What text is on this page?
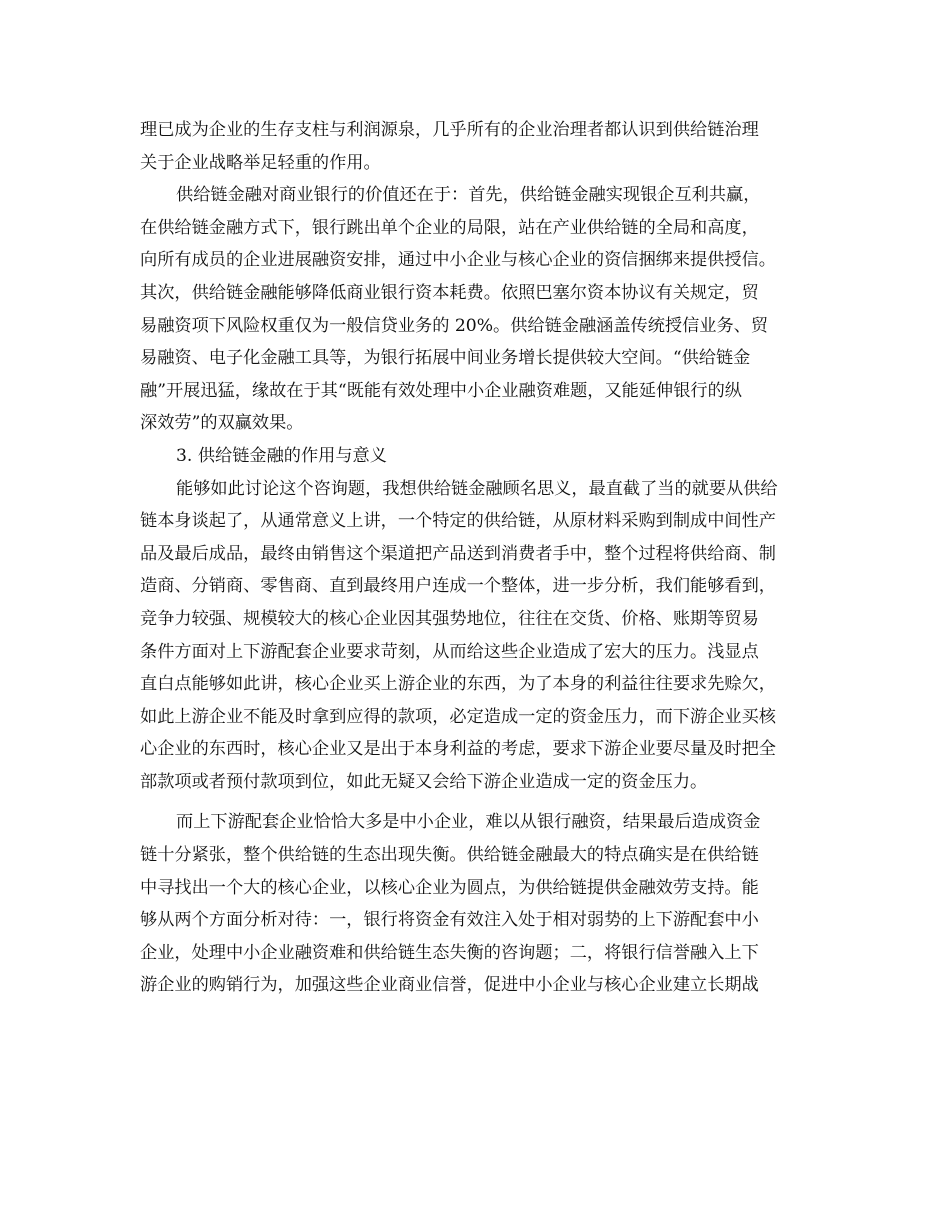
理已成为企业的生存支柱与利润源泉，几乎所有的企业治理者都认识到供给链治理
关于企业战略举足轻重的作用。
供给链金融对商业银行的价值还在于：首先，供给链金融实现银企互利共赢，
在供给链金融方式下，银行跳出单个企业的局限，站在产业供给链的全局和高度，
向所有成员的企业进展融资安排，通过中小企业与核心企业的资信捆绑来提供授信。
其次，供给链金融能够降低商业银行资本耗费。依照巴塞尔资本协议有关规定，贸
易融资项下风险权重仅为一般信贷业务的 20%。供给链金融涵盖传统授信业务、贸
易融资、电子化金融工具等，为银行拓展中间业务增长提供较大空间。“供给链金
融”开展迅猛，缘故在于其“既能有效处理中小企业融资难题，又能延伸银行的纵
深效劳”的双赢效果。
3. 供给链金融的作用与意义
能够如此讨论这个咨询题，我想供给链金融顾名思义，最直截了当的就要从供给
链本身谈起了，从通常意义上讲，一个特定的供给链，从原材料采购到制成中间性产
品及最后成品，最终由销售这个渠道把产品送到消费者手中，整个过程将供给商、制
造商、分销商、零售商、直到最终用户连成一个整体，进一步分析，我们能够看到，
竞争力较强、规模较大的核心企业因其强势地位，往往在交货、价格、账期等贸易
条件方面对上下游配套企业要求苛刻，从而给这些企业造成了宏大的压力。浅显点
直白点能够如此讲，核心企业买上游企业的东西，为了本身的利益往往要求先赊欠，
如此上游企业不能及时拿到应得的款项，必定造成一定的资金压力，而下游企业买核
心企业的东西时，核心企业又是出于本身利益的考虑，要求下游企业要尽量及时把全
部款项或者预付款项到位，如此无疑又会给下游企业造成一定的资金压力。
而上下游配套企业恰恰大多是中小企业，难以从银行融资，结果最后造成资金
链十分紧张，整个供给链的生态出现失衡。供给链金融最大的特点确实是在供给链
中寻找出一个大的核心企业，以核心企业为圆点，为供给链提供金融效劳支持。能
够从两个方面分析对待：一，银行将资金有效注入处于相对弱势的上下游配套中小
企业，处理中小企业融资难和供给链生态失衡的咨询题；二，将银行信誉融入上下
游企业的购销行为，加强这些企业商业信誉，促进中小企业与核心企业建立长期战
